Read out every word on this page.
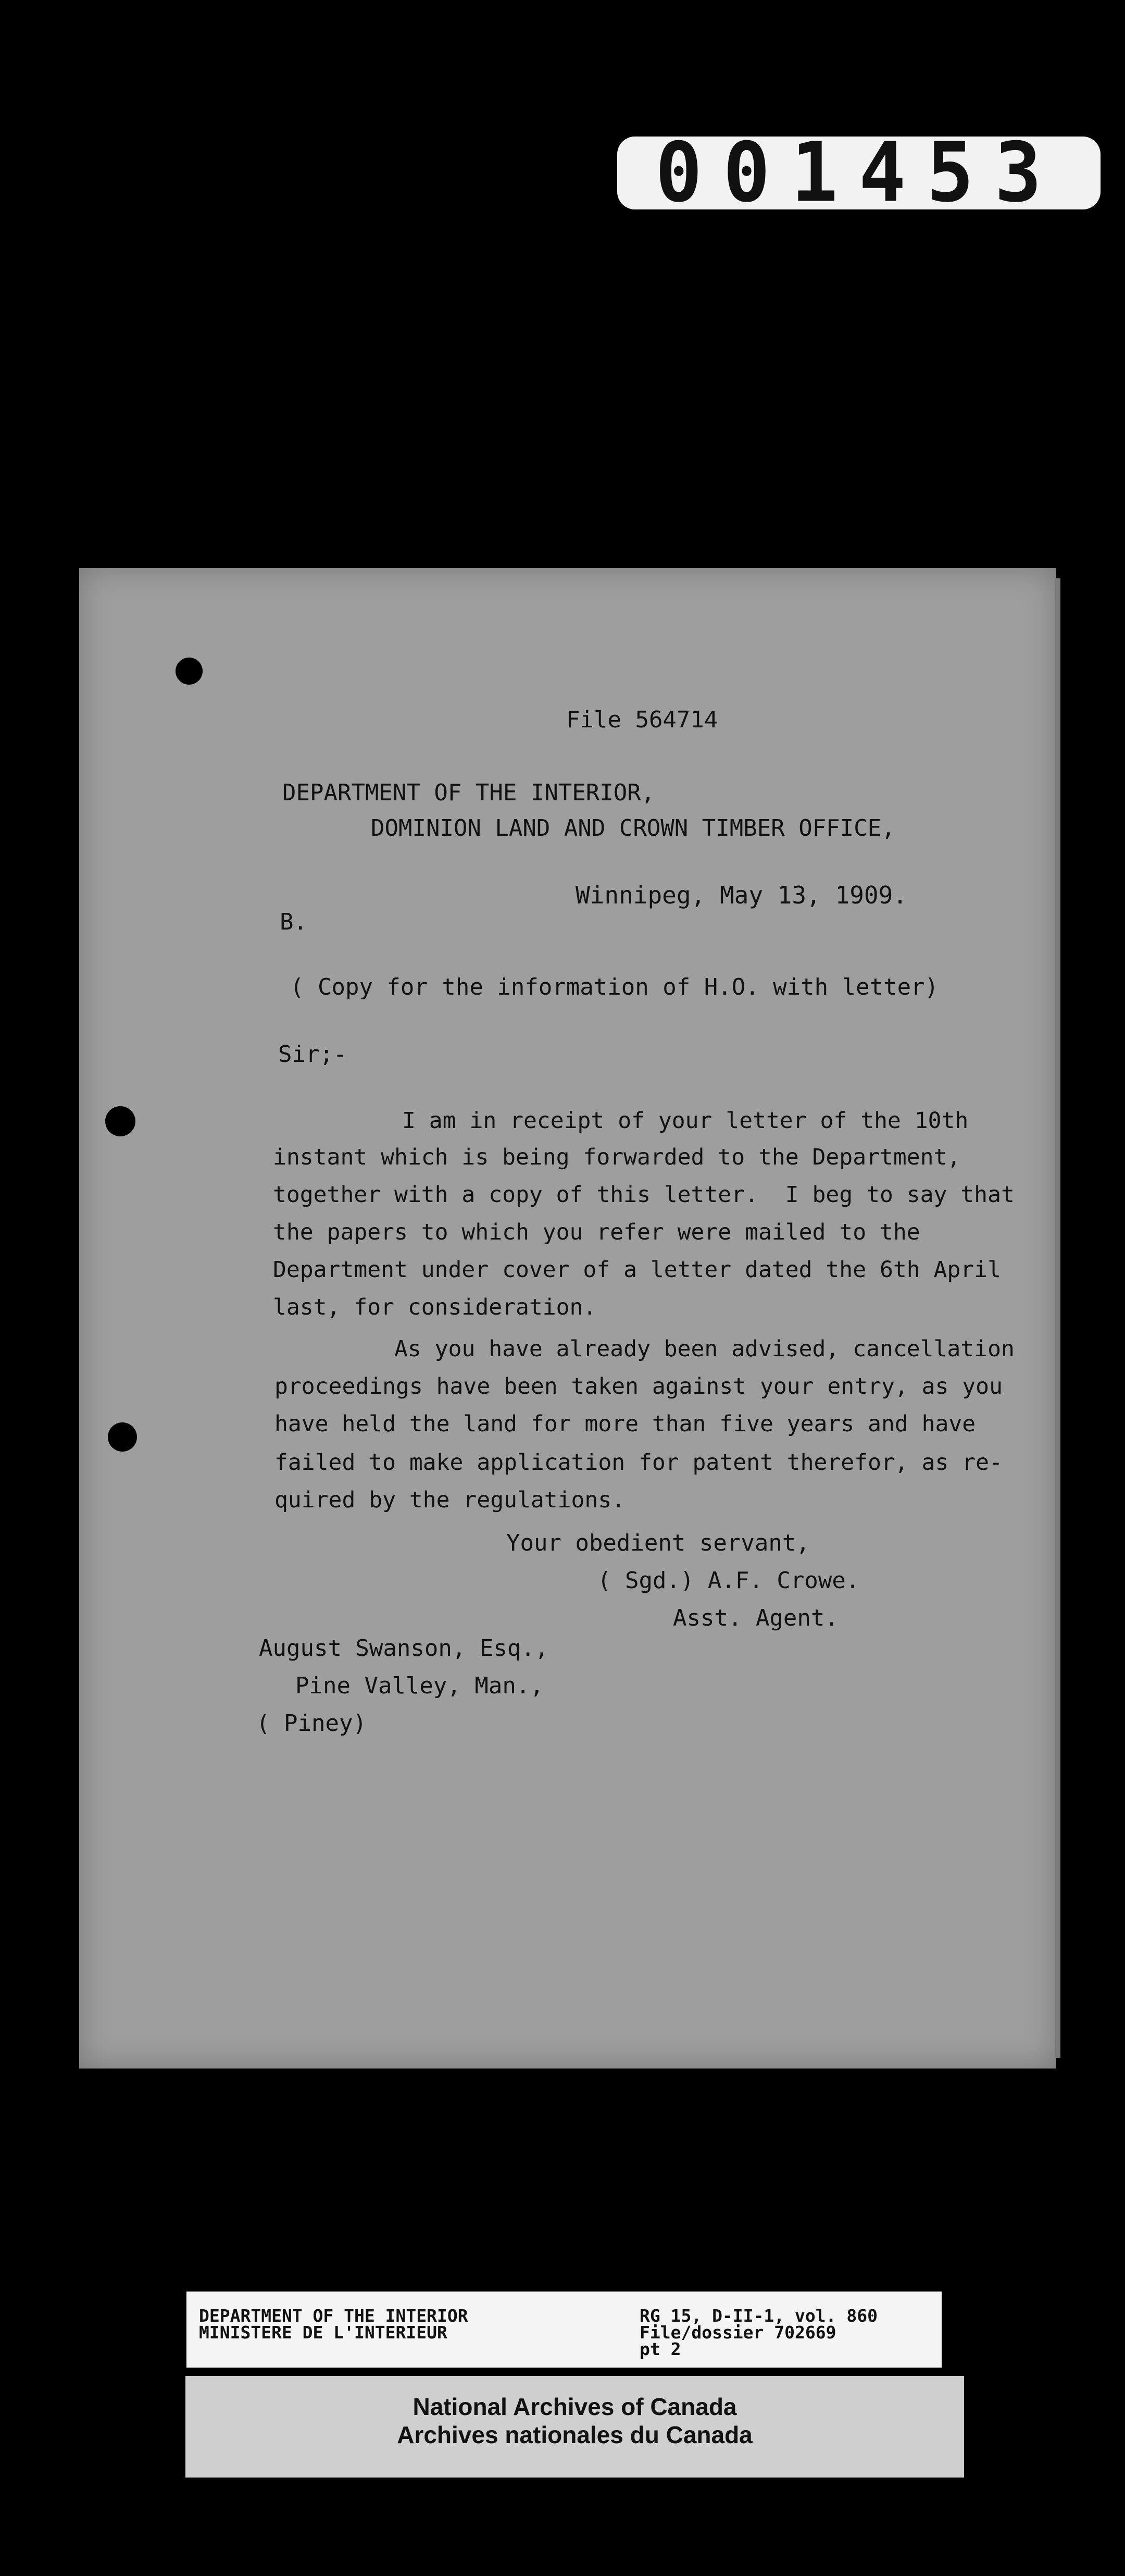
001453
File 564714
DEPARTMENT OF THE INTERIOR,
DOMINION LAND AND CROWN TIMBER OFFICE,
Winnipeg, May 13, 1909.
B.
( Copy for the information of H.O. with letter)
Sir;-
I am in receipt of your letter of the 10th
instant which is being forwarded to the Department,
together with a copy of this letter.  I beg to say that
the papers to which you refer were mailed to the
Department under cover of a letter dated the 6th April
last, for consideration.
As you have already been advised, cancellation
proceedings have been taken against your entry, as you
have held the land for more than five years and have
failed to make application for patent therefor, as re-
quired by the regulations.
Your obedient servant,
( Sgd.) A.F. Crowe.
Asst. Agent.
August Swanson, Esq.,
Pine Valley, Man.,
( Piney)
DEPARTMENT OF THE INTERIOR
MINISTERE DE L'INTERIEUR
RG 15, D-II-1, vol. 860
File/dossier 702669
pt 2
National Archives of Canada
Archives nationales du Canada
